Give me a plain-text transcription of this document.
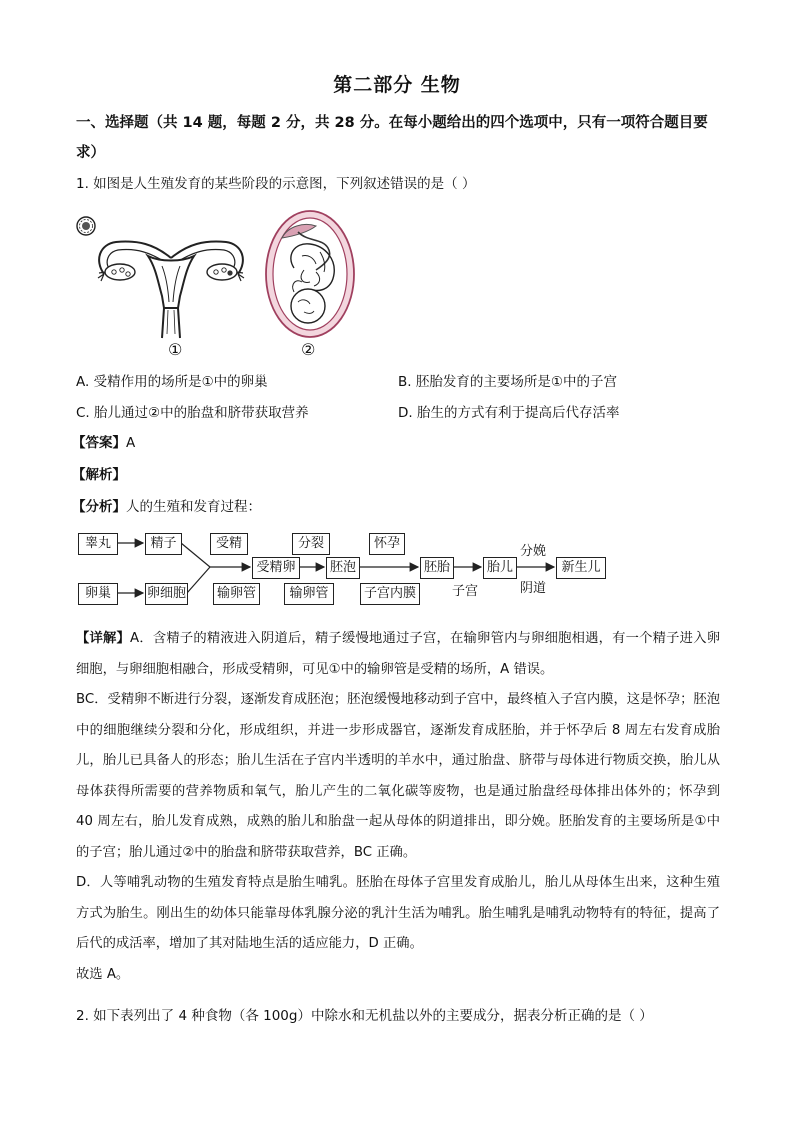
第二部分 生物
一、选择题（共 14 题，每题 2 分，共 28 分。在每小题给出的四个选项中，只有一项符合题目要求）
1. 如图是人生殖发育的某些阶段的示意图，下列叙述错误的是（ ）
①	②
A. 受精作用的场所是①中的卵巢	B. 胚胎发育的主要场所是①中的子宫
C. 胎儿通过②中的胎盘和脐带获取营养	D. 胎生的方式有利于提高后代存活率
【答案】A
【解析】
【分析】人的生殖和发育过程：
睾丸	精子
卵巢	卵细胞
受精
输卵管
受精卵
分裂
输卵管
胚泡
怀孕
子宫内膜
胚胎
子宫
胎儿
分娩
阴道
新生儿

【详解】A．含精子的精液进入阴道后，精子缓慢地通过子宫，在输卵管内与卵细胞相遇，有一个精子进入卵细胞，与卵细胞相融合，形成受精卵，可见①中的输卵管是受精的场所，A 错误。

BC．受精卵不断进行分裂，逐渐发育成胚泡；胚泡缓慢地移动到子宫中，最终植入子宫内膜，这是怀孕；胚泡中的细胞继续分裂和分化，形成组织，并进一步形成器官，逐渐发育成胚胎，并于怀孕后 8 周左右发育成胎儿，胎儿已具备人的形态；胎儿生活在子宫内半透明的羊水中，通过胎盘、脐带与母体进行物质交换，胎儿从母体获得所需要的营养物质和氧气，胎儿产生的二氧化碳等废物，也是通过胎盘经母体排出体外的；怀孕到 40 周左右，胎儿发育成熟，成熟的胎儿和胎盘一起从母体的阴道排出，即分娩。胚胎发育的主要场所是①中的子宫；胎儿通过②中的胎盘和脐带获取营养，BC 正确。

D．人等哺乳动物的生殖发育特点是胎生哺乳。胚胎在母体子宫里发育成胎儿，胎儿从母体生出来，这种生殖方式为胎生。刚出生的幼体只能靠母体乳腺分泌的乳汁生活为哺乳。胎生哺乳是哺乳动物特有的特征，提高了后代的成活率，增加了其对陆地生活的适应能力，D 正确。

故选 A。

2. 如下表列出了 4 种食物（各 100g）中除水和无机盐以外的主要成分，据表分析正确的是（ ）
